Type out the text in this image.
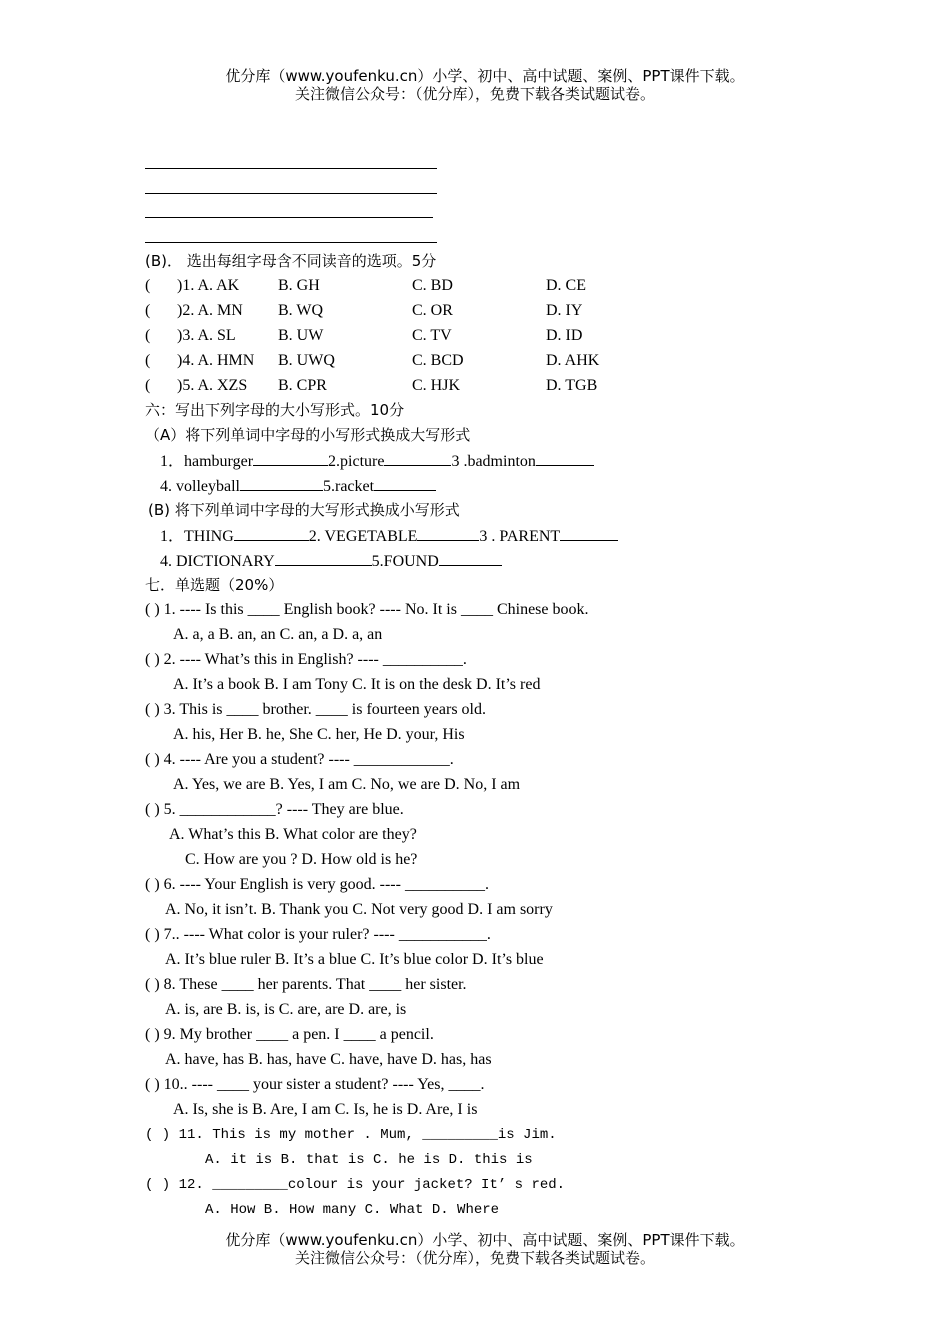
优分库（www.youfenku.cn）小学、初中、高中试题、案例、PPT课件下载。
关注微信公众号：（优分库），免费下载各类试题试卷。
(B)． 选出每组字母含不同读音的选项。5分
( )1. A. AK B. GH	C. BD	D. CE
( )2. A. MN B. WQ	C. OR	D. IY
( )3. A. SL	B. UW	C. TV	D. ID
( )4. A. HMN B. UWQ	C. BCD	D. AHK
( )5. A. XZS B. CPR	C. HJK	D. TGB
六：写出下列字母的大小写形式。10分
（A）将下列单词中字母的小写形式换成大写形式
1．hamburger	2.picture	3 .badminton
4. volleyball	5.racket
(B) 将下列单词中字母的大写形式换成小写形式
1．THING	2. VEGETABLE	3 . PARENT
4. DICTIONARY	5.FOUND
七．单选题（20%）
( ) 1. ---- Is this ____ English book? ---- No. It is ____ Chinese book.
A. a, a B. an, an C. an, a D. a, an
( ) 2. ---- What’s this in English? ---- __________.
A. It’s a book B. I am Tony C. It is on the desk D. It’s red
( ) 3. This is ____ brother. ____ is fourteen years old.
A. his, Her B. he, She C. her, He D. your, His
( ) 4. ---- Are you a student? ---- ____________.
A. Yes, we are B. Yes, I am C. No, we are D. No, I am
( ) 5. ____________? ---- They are blue.
A. What’s this B. What color are they?
C. How are you ? D. How old is he?
( ) 6. ---- Your English is very good. ---- __________.
A. No, it isn’t. B. Thank you C. Not very good D. I am sorry
( ) 7.. ---- What color is your ruler? ---- ___________.
A. It’s blue ruler B. It’s a blue C. It’s blue color D. It’s blue
( ) 8. These ____ her parents. That ____ her sister.
A. is, are B. is, is C. are, are D. are, is
( ) 9. My brother ____ a pen. I ____ a pencil.
A. have, has B. has, have C. have, have D. has, has
( ) 10.. ---- ____ your sister a student? ---- Yes, ____.
A. Is, she is B. Are, I am C. Is, he is D. Are, I is
( ) 11. This is my mother . Mum, _________is Jim.
A. it is B. that is C. he is D. this is
( ) 12. _________colour is your jacket? It’ s red.
A. How B. How many C. What D. Where
优分库（www.youfenku.cn）小学、初中、高中试题、案例、PPT课件下载。
关注微信公众号：（优分库），免费下载各类试题试卷。
